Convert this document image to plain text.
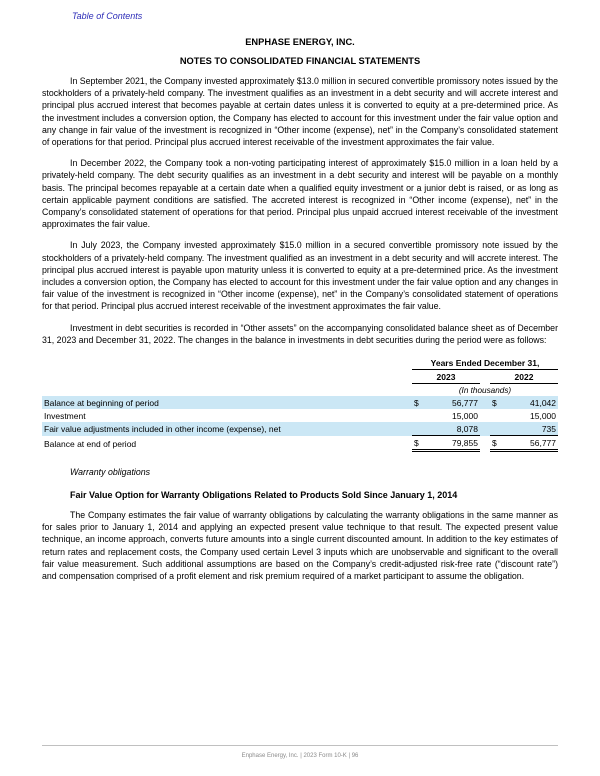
Table of Contents
ENPHASE ENERGY, INC.
NOTES TO CONSOLIDATED FINANCIAL STATEMENTS

In September 2021, the Company invested approximately $13.0 million in secured convertible promissory notes issued by the stockholders of a privately-held company. The investment qualifies as an investment in a debt security and will accrete interest and principal plus accrued interest that becomes payable at certain dates unless it is converted to equity at a pre-determined price. As the investment includes a conversion option, the Company has elected to account for this investment under the fair value option and any change in fair value of the investment is recognized in “Other income (expense), net” in the Company’s consolidated statement of operations for that period. Principal plus accrued interest receivable of the investment approximates the fair value.

In December 2022, the Company took a non-voting participating interest of approximately $15.0 million in a loan held by a privately-held company. The debt security qualifies as an investment in a debt security and interest will be payable on a monthly basis. The principal becomes repayable at a certain date when a qualified equity investment or a junior debt is raised, or as long as certain applicable payment conditions are satisfied. The accreted interest is recognized in “Other income (expense), net” in the Company’s consolidated statement of operations for that period. Principal plus unpaid accrued interest receivable of the investment approximates the fair value.

In July 2023, the Company invested approximately $15.0 million in a secured convertible promissory note issued by the stockholders of a privately-held company. The investment qualified as an investment in a debt security and will accrete interest. The principal plus accrued interest is payable upon maturity unless it is converted to equity at a pre-determined price. As the investment includes a conversion option, the Company has elected to account for this investment under the fair value option and any changes in fair value of the investment is recognized in “Other income (expense), net” in the Company’s consolidated statement of operations for that period. Principal plus accrued interest receivable of the investment approximates the fair value.

Investment in debt securities is recorded in “Other assets” on the accompanying consolidated balance sheet as of December 31, 2023 and December 31, 2022. The changes in the balance in investments in debt securities during the period were as follows:

	Years Ended December 31,				
	2023			2022	
	(In thousands)				
Balance at beginning of period	$	56,777		$	41,042
Investment		15,000			15,000
Fair value adjustments included in other income (expense), net		8,078			735
Balance at end of period	$	79,855		$	56,777
Warranty obligations
Fair Value Option for Warranty Obligations Related to Products Sold Since January 1, 2014

The Company estimates the fair value of warranty obligations by calculating the warranty obligations in the same manner as for sales prior to January 1, 2014 and applying an expected present value technique to that result. The expected present value technique, an income approach, converts future amounts into a single current discounted amount. In addition to the key estimates of return rates and replacement costs, the Company used certain Level 3 inputs which are unobservable and significant to the overall fair value measurement. Such additional assumptions are based on the Company’s credit-adjusted risk-free rate (“discount rate”) and compensation comprised of a profit element and risk premium required of a market participant to assume the obligation.

Enphase Energy, Inc. | 2023 Form 10-K | 96
